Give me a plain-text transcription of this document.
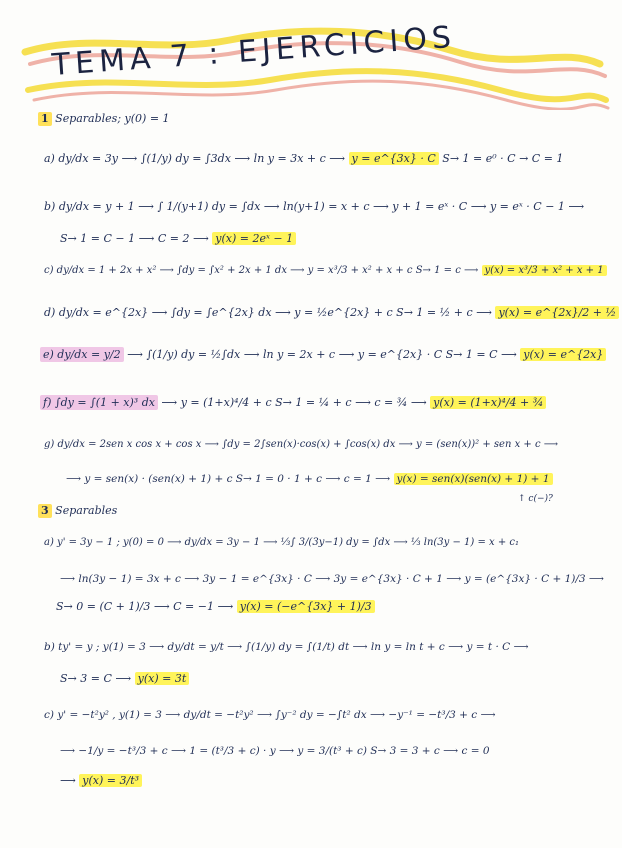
TEMA 7 : EJERCICIOS
1 Separables; y(0) = 1
a) dy/dx = 3y ⟶ ∫(1/y) dy = ∫3dx ⟶ ln y = 3x + c ⟶ y = e^{3x} · C S→ 1 = e⁰ · C → C = 1
b) dy/dx = y + 1 ⟶ ∫ 1/(y+1) dy = ∫dx ⟶ ln(y+1) = x + c ⟶ y + 1 = eˣ · C ⟶ y = eˣ · C − 1 ⟶
S→ 1 = C − 1 ⟶ C = 2 ⟶ y(x) = 2eˣ − 1
c) dy/dx = 1 + 2x + x² ⟶ ∫dy = ∫x² + 2x + 1 dx ⟶ y = x³/3 + x² + x + c S→ 1 = c ⟶ y(x) = x³/3 + x² + x + 1
d) dy/dx = e^{2x} ⟶ ∫dy = ∫e^{2x} dx ⟶ y = ½e^{2x} + c S→ 1 = ½ + c ⟶ y(x) = e^{2x}/2 + ½
e) dy/dx = y/2 ⟶ ∫(1/y) dy = ½∫dx ⟶ ln y = 2x + c ⟶ y = e^{2x} · C S→ 1 = C ⟶ y(x) = e^{2x}
f) ∫dy = ∫(1 + x)³ dx ⟶ y = (1+x)⁴/4 + c S→ 1 = ¼ + c ⟶ c = ¾ ⟶ y(x) = (1+x)⁴/4 + ¾
g) dy/dx = 2sen x cos x + cos x ⟶ ∫dy = 2∫sen(x)·cos(x) + ∫cos(x) dx ⟶ y = (sen(x))² + sen x + c ⟶
⟶ y = sen(x) · (sen(x) + 1) + c S→ 1 = 0 · 1 + c ⟶ c = 1 ⟶ y(x) = sen(x)(sen(x) + 1) + 1
↑ c(−)?
3 Separables
a) y' = 3y − 1 ; y(0) = 0 ⟶ dy/dx = 3y − 1 ⟶ ⅓∫ 3/(3y−1) dy = ∫dx ⟶ ⅓ ln(3y − 1) = x + c₁
⟶ ln(3y − 1) = 3x + c ⟶ 3y − 1 = e^{3x} · C ⟶ 3y = e^{3x} · C + 1 ⟶ y = (e^{3x} · C + 1)/3 ⟶
S→ 0 = (C + 1)/3 ⟶ C = −1 ⟶ y(x) = (−e^{3x} + 1)/3
b) ty' = y ; y(1) = 3 ⟶ dy/dt = y/t ⟶ ∫(1/y) dy = ∫(1/t) dt ⟶ ln y = ln t + c ⟶ y = t · C ⟶
S→ 3 = C ⟶ y(x) = 3t
c) y' = −t²y² , y(1) = 3 ⟶ dy/dt = −t²y² ⟶ ∫y⁻² dy = −∫t² dx ⟶ −y⁻¹ = −t³/3 + c ⟶
⟶ −1/y = −t³/3 + c ⟶ 1 = (t³/3 + c) · y ⟶ y = 3/(t³ + c) S→ 3 = 3 + c ⟶ c = 0
⟶ y(x) = 3/t³
